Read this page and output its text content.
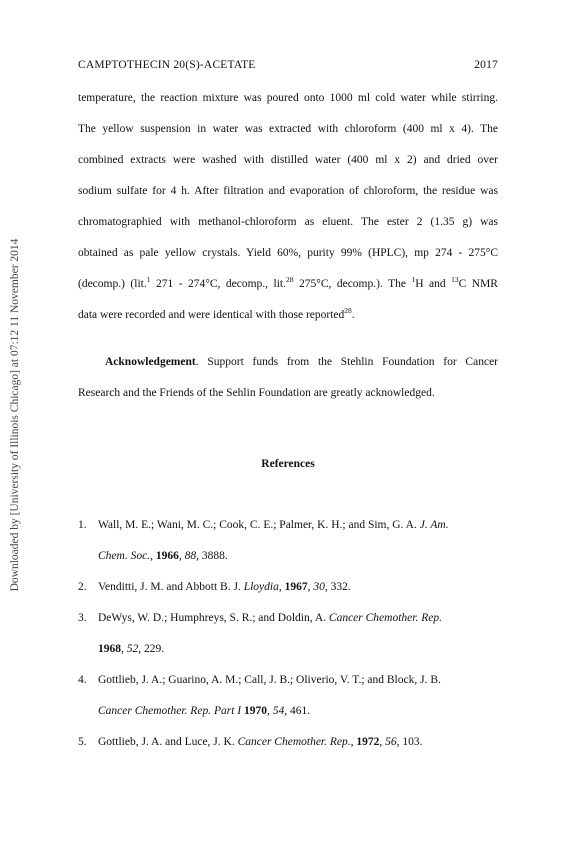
Downloaded by [University of Illinois Chicago] at 07:12 11 November 2014
CAMPTOTHECIN 20(S)-ACETATE	2017
temperature, the reaction mixture was poured onto 1000 ml cold water while stirring.
The yellow suspension in water was extracted with chloroform (400 ml x 4). The
combined extracts were washed with distilled water (400 ml x 2) and dried over
sodium sulfate for 4 h. After filtration and evaporation of chloroform, the residue was
chromatographied with methanol-chloroform as eluent. The ester 2 (1.35 g) was
obtained as pale yellow crystals. Yield 60%, purity 99% (HPLC), mp 274 - 275°C
(decomp.) (lit.$^1$ 271 - 274°C, decomp., lit.$^{28}$ 275°C, decomp.). The $^1$H and $^{13}$C NMR
data were recorded and were identical with those reported$^{28}$.
Acknowledgement. Support funds from the Stehlin Foundation for Cancer
Research and the Friends of the Sehlin Foundation are greatly acknowledged.
References
1. Wall, M. E.; Wani, M. C.; Cook, C. E.; Palmer, K. H.; and Sim, G. A. J. Am.
Chem. Soc., 1966, 88, 3888.
2. Venditti, J. M. and Abbott B. J. Lloydia, 1967, 30, 332.
3. DeWys, W. D.; Humphreys, S. R.; and Doldin, A. Cancer Chemother. Rep.
1968, 52, 229.
4. Gottlieb, J. A.; Guarino, A. M.; Call, J. B.; Oliverio, V. T.; and Block, J. B.
Cancer Chemother. Rep. Part I 1970, 54, 461.
5. Gottlieb, J. A. and Luce, J. K. Cancer Chemother. Rep., 1972, 56, 103.
